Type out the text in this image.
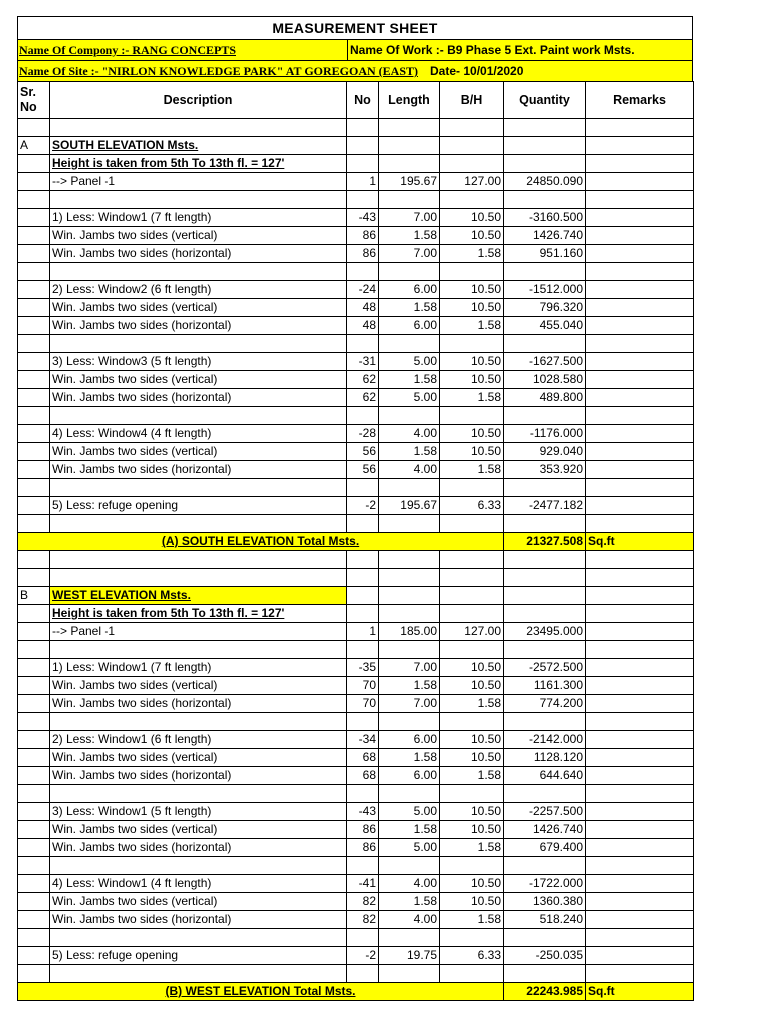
MEASUREMENT SHEET
Name Of Compony :- RANG CONCEPTS	Name Of Work :- B9 Phase 5 Ext. Paint work Msts.
Name Of Site :- "NIRLON KNOWLEDGE PARK" AT GOREGOAN (EAST)	Date- 10/01/2020
Sr.
No	Description	No	Length	B/H	Quantity	Remarks

A	SOUTH ELEVATION Msts.					
	Height is taken from 5th To 13th fl. = 127'					
	--> Panel -1	1	195.67	127.00	24850.090	

	1) Less: Window1 (7 ft length)	-43	7.00	10.50	-3160.500	
	Win. Jambs two sides (vertical)	86	1.58	10.50	1426.740	
	Win. Jambs two sides (horizontal)	86	7.00	1.58	951.160	

	2) Less: Window2 (6 ft length)	-24	6.00	10.50	-1512.000	
	Win. Jambs two sides (vertical)	48	1.58	10.50	796.320	
	Win. Jambs two sides (horizontal)	48	6.00	1.58	455.040	

	3) Less: Window3 (5 ft length)	-31	5.00	10.50	-1627.500	
	Win. Jambs two sides (vertical)	62	1.58	10.50	1028.580	
	Win. Jambs two sides (horizontal)	62	5.00	1.58	489.800	

	4) Less: Window4 (4 ft length)	-28	4.00	10.50	-1176.000	
	Win. Jambs two sides (vertical)	56	1.58	10.50	929.040	
	Win. Jambs two sides (horizontal)	56	4.00	1.58	353.920	

	5) Less: refuge opening	-2	195.67	6.33	-2477.182	

(A) SOUTH ELEVATION Total Msts.					21327.508	Sq.ft

B	WEST ELEVATION Msts.					
	Height is taken from 5th To 13th fl. = 127'					
	--> Panel -1	1	185.00	127.00	23495.000	

	1) Less: Window1 (7 ft length)	-35	7.00	10.50	-2572.500	
	Win. Jambs two sides (vertical)	70	1.58	10.50	1161.300	
	Win. Jambs two sides (horizontal)	70	7.00	1.58	774.200	

	2) Less: Window1 (6 ft length)	-34	6.00	10.50	-2142.000	
	Win. Jambs two sides (vertical)	68	1.58	10.50	1128.120	
	Win. Jambs two sides (horizontal)	68	6.00	1.58	644.640	

	3) Less: Window1 (5 ft length)	-43	5.00	10.50	-2257.500	
	Win. Jambs two sides (vertical)	86	1.58	10.50	1426.740	
	Win. Jambs two sides (horizontal)	86	5.00	1.58	679.400	

	4) Less: Window1 (4 ft length)	-41	4.00	10.50	-1722.000	
	Win. Jambs two sides (vertical)	82	1.58	10.50	1360.380	
	Win. Jambs two sides (horizontal)	82	4.00	1.58	518.240	

	5) Less: refuge opening	-2	19.75	6.33	-250.035	

(B) WEST ELEVATION Total Msts.					22243.985	Sq.ft
